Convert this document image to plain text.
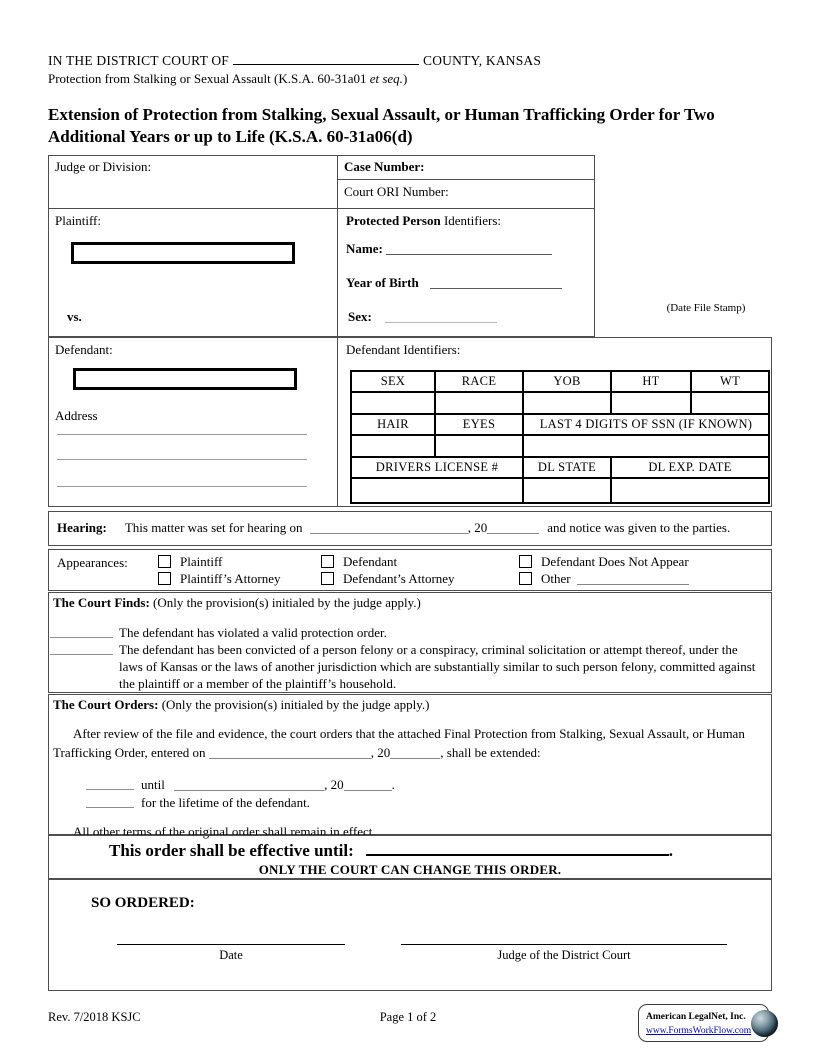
IN THE DISTRICT COURT OF	COUNTY, KANSAS
Protection from Stalking or Sexual Assault (K.S.A. 60-31a01 et seq.)
Extension of Protection from Stalking, Sexual Assault, or Human Trafficking Order for Two Additional Years or up to Life (K.S.A. 60-31a06(d)
Judge or Division:	Case Number:
Court ORI Number:
Plaintiff:
vs.
Protected Person Identifiers:
Name:
Year of Birth
Sex:
(Date File Stamp)
Defendant:
Address
Defendant Identifiers:
SEX	RACE	YOB	HT	WT

HAIR	EYES	LAST 4 DIGITS OF SSN (IF KNOWN)		

DRIVERS LICENSE #		DL STATE	DL EXP. DATE	

Hearing: This matter was set for hearing on	, 20	and notice was given to the parties.
Appearances:	Plaintiff
Plaintiff’s Attorney
Defendant
Defendant’s Attorney
Defendant Does Not Appear
Other
The Court Finds: (Only the provision(s) initialed by the judge apply.)
The defendant has violated a valid protection order.
The defendant has been convicted of a person felony or a conspiracy, criminal solicitation or attempt thereof, under the laws of Kansas or the laws of another jurisdiction which are substantially similar to such person felony, committed against the plaintiff or a member of the plaintiff’s household.
The Court Orders: (Only the provision(s) initialed by the judge apply.)
After review of the file and evidence, the court orders that the attached Final Protection from Stalking, Sexual Assault, or Human Trafficking Order, entered on	, 20	, shall be extended:
until	, 20	.
for the lifetime of the defendant.
All other terms of the original order shall remain in effect.
This order shall be effective until:	.
ONLY THE COURT CAN CHANGE THIS ORDER.
SO ORDERED:
Date	Judge of the District Court
Rev. 7/2018 KSJC	Page 1 of 2	American LegalNet, Inc.
www.FormsWorkFlow.com
